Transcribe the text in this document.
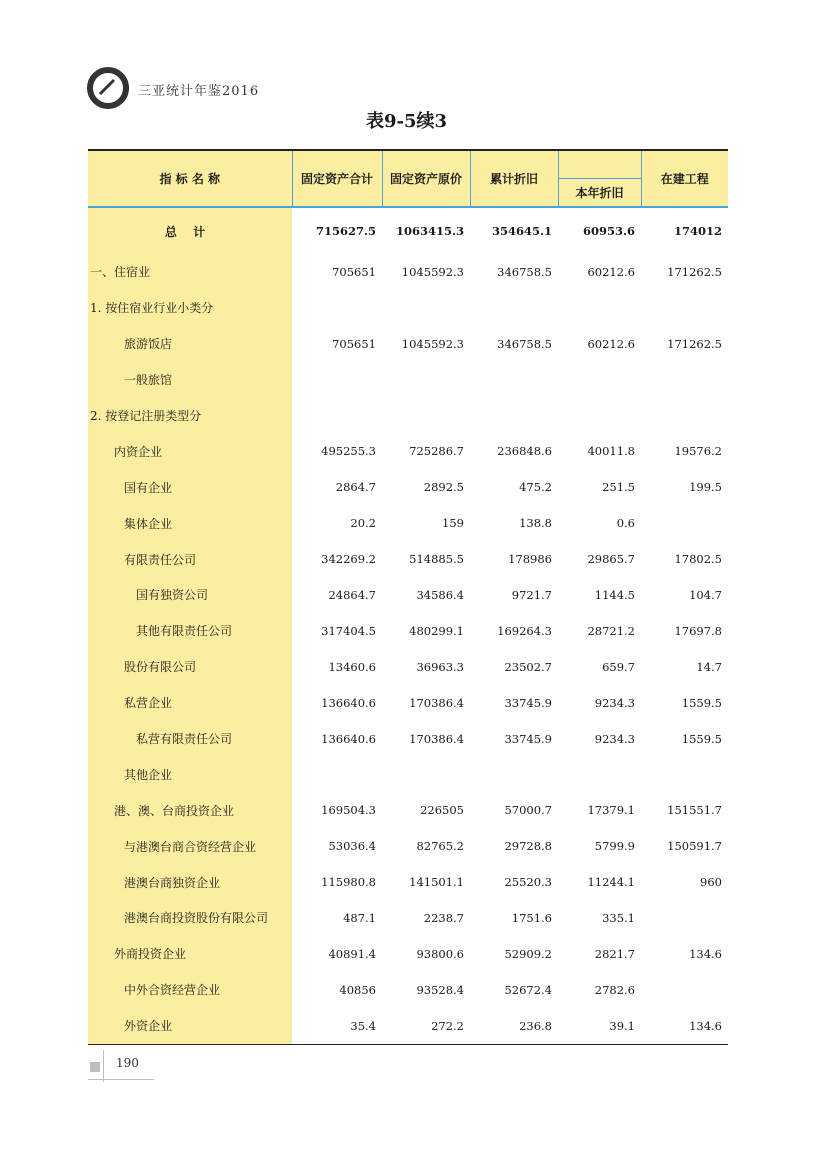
三亚统计年鉴2016
表9-5续3
指 标 名 称	固定资产合计	固定资产原价	累计折旧		在建工程
				本年折旧	
总 计	715627.5	1063415.3	354645.1	60953.6	174012
一、住宿业	705651	1045592.3	346758.5	60212.6	171262.5
1. 按住宿业行业小类分					
旅游饭店	705651	1045592.3	346758.5	60212.6	171262.5
一般旅馆					
2. 按登记注册类型分					
内资企业	495255.3	725286.7	236848.6	40011.8	19576.2
国有企业	2864.7	2892.5	475.2	251.5	199.5
集体企业	20.2	159	138.8	0.6	
有限责任公司	342269.2	514885.5	178986	29865.7	17802.5
国有独资公司	24864.7	34586.4	9721.7	1144.5	104.7
其他有限责任公司	317404.5	480299.1	169264.3	28721.2	17697.8
股份有限公司	13460.6	36963.3	23502.7	659.7	14.7
私营企业	136640.6	170386.4	33745.9	9234.3	1559.5
私营有限责任公司	136640.6	170386.4	33745.9	9234.3	1559.5
其他企业					
港、澳、台商投资企业	169504.3	226505	57000.7	17379.1	151551.7
与港澳台商合资经营企业	53036.4	82765.2	29728.8	5799.9	150591.7
港澳台商独资企业	115980.8	141501.1	25520.3	11244.1	960
港澳台商投资股份有限公司	487.1	2238.7	1751.6	335.1	
外商投资企业	40891.4	93800.6	52909.2	2821.7	134.6
中外合资经营企业	40856	93528.4	52672.4	2782.6	
外资企业	35.4	272.2	236.8	39.1	134.6
190
